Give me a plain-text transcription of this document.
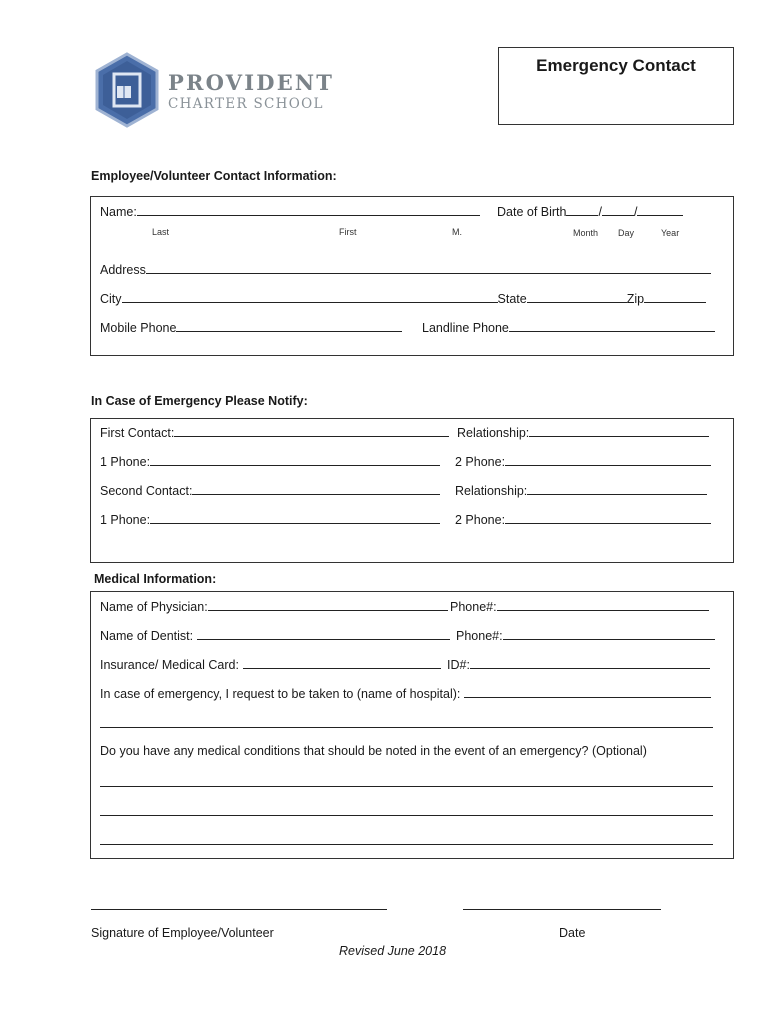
PROVIDENT
CHARTER SCHOOL
Emergency Contact
Employee/Volunteer Contact Information:
Name:	Date of Birth	/	/
Last	First	M.	Month Day	Year
Address
City	State	Zip
Mobile Phone	Landline Phone
In Case of Emergency Please Notify:
First Contact:	Relationship:
1 Phone:	2 Phone:
Second Contact:	Relationship:
1 Phone:	2 Phone:
Medical Information:
Name of Physician:	Phone#:
Name of Dentist:	Phone#:
Insurance/ Medical Card:	ID#:
In case of emergency, I request to be taken to (name of hospital):
Do you have any medical conditions that should be noted in the event of an emergency? (Optional)
Signature of Employee/Volunteer	Date
Revised June 2018
